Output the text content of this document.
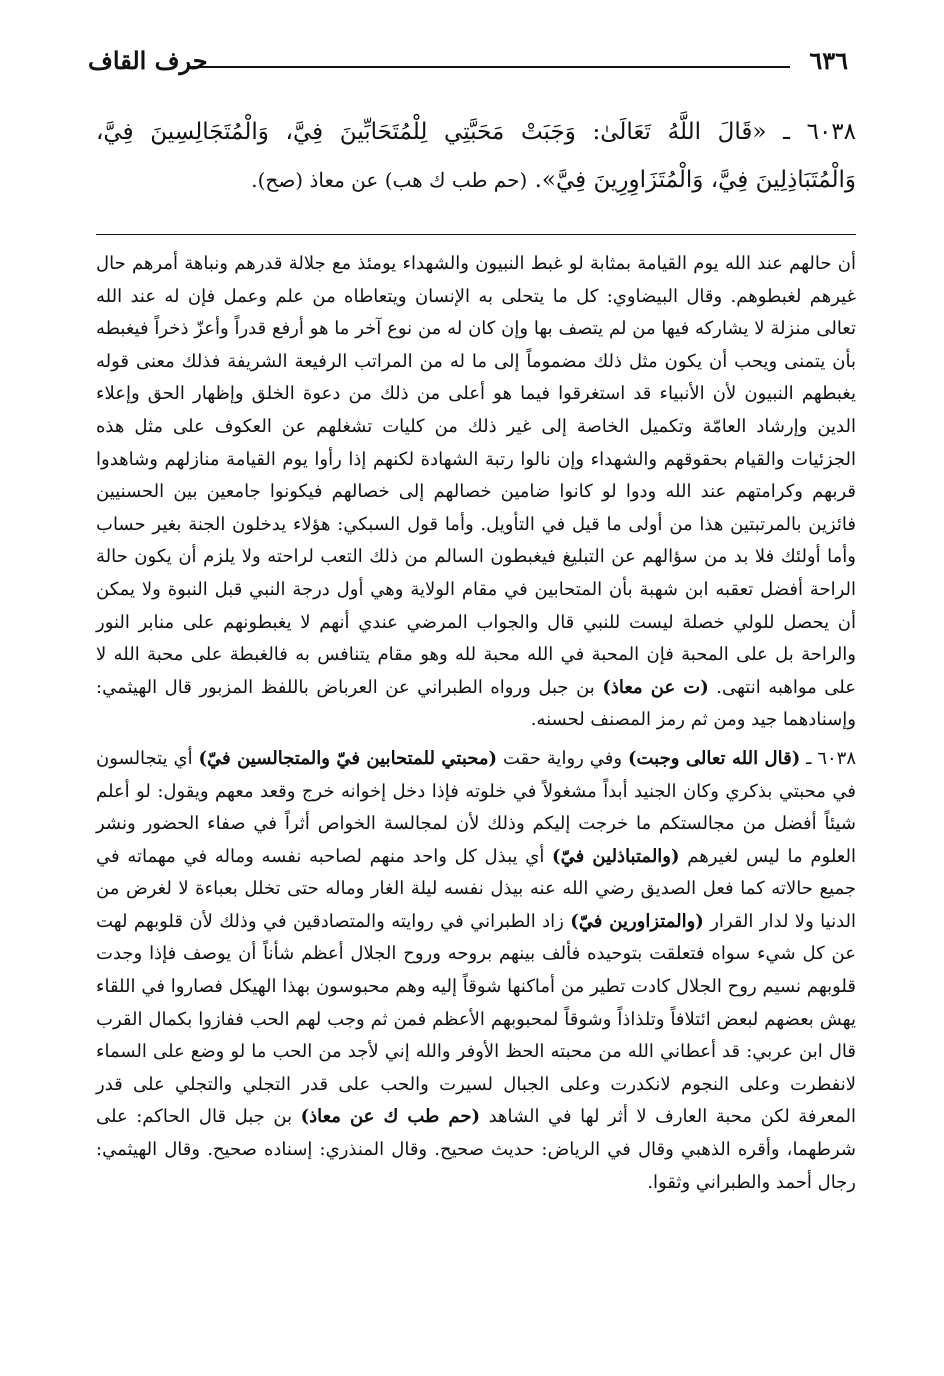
٦٣٦
حرف القاف
٦٠٣٨ ـ «قَالَ اللَّهُ تَعَالَىٰ: وَجَبَتْ مَحَبَّتِي لِلْمُتَحَابِّينَ فِيَّ، وَالْمُتَجَالِسِينَ فِيَّ، وَالْمُتَبَاذِلِينَ فِيَّ، وَالْمُتَزَاوِرِينَ فِيَّ». (حم طب ك هب) عن معاذ (صح).

أن حالهم عند الله يوم القيامة بمثابة لو غبط النبيون والشهداء يومئذ مع جلالة قدرهم ونباهة أمرهم حال غيرهم لغبطوهم. وقال البيضاوي: كل ما يتحلى به الإنسان ويتعاطاه من علم وعمل فإن له عند الله تعالى منزلة لا يشاركه فيها من لم يتصف بها وإن كان له من نوع آخر ما هو أرفع قدراً وأعزّ ذخراً فيغبطه بأن يتمنى ويحب أن يكون مثل ذلك مضموماً إلى ما له من المراتب الرفيعة الشريفة فذلك معنى قوله يغبطهم النبيون لأن الأنبياء قد استغرقوا فيما هو أعلى من ذلك من دعوة الخلق وإظهار الحق وإعلاء الدين وإرشاد العامّة وتكميل الخاصة إلى غير ذلك من كليات تشغلهم عن العكوف على مثل هذه الجزئيات والقيام بحقوقهم والشهداء وإن نالوا رتبة الشهادة لكنهم إذا رأوا يوم القيامة منازلهم وشاهدوا قربهم وكرامتهم عند الله ودوا لو كانوا ضامين خصالهم إلى خصالهم فيكونوا جامعين بين الحسنيين فائزين بالمرتبتين هذا من أولى ما قيل في التأويل. وأما قول السبكي: هؤلاء يدخلون الجنة بغير حساب وأما أولئك فلا بد من سؤالهم عن التبليغ فيغبطون السالم من ذلك التعب لراحته ولا يلزم أن يكون حالة الراحة أفضل تعقبه ابن شهبة بأن المتحابين في مقام الولاية وهي أول درجة النبي قبل النبوة ولا يمكن أن يحصل للولي خصلة ليست للنبي قال والجواب المرضي عندي أنهم لا يغبطونهم على منابر النور والراحة بل على المحبة فإن المحبة في الله محبة لله وهو مقام يتنافس به فالغبطة على محبة الله لا على مواهبه انتهى. (ت عن معاذ) بن جبل ورواه الطبراني عن العرباض باللفظ المزبور قال الهيثمي: وإسنادهما جيد ومن ثم رمز المصنف لحسنه.

٦٠٣٨ ـ (قال الله تعالى وجبت) وفي رواية حقت (محبتي للمتحابين فيّ والمتجالسين فيّ) أي يتجالسون في محبتي بذكري وكان الجنيد أبداً مشغولاً في خلوته فإذا دخل إخوانه خرج وقعد معهم ويقول: لو أعلم شيئاً أفضل من مجالستكم ما خرجت إليكم وذلك لأن لمجالسة الخواص أثراً في صفاء الحضور ونشر العلوم ما ليس لغيرهم (والمتباذلين فيّ) أي يبذل كل واحد منهم لصاحبه نفسه وماله في مهماته في جميع حالاته كما فعل الصديق رضي الله عنه بيذل نفسه ليلة الغار وماله حتى تخلل بعباءة لا لغرض من الدنيا ولا لدار القرار (والمتزاورين فيّ) زاد الطبراني في روايته والمتصادقين في وذلك لأن قلوبهم لهت عن كل شيء سواه فتعلقت بتوحيده فألف بينهم بروحه وروح الجلال أعظم شأناً أن يوصف فإذا وجدت قلوبهم نسيم روح الجلال كادت تطير من أماكنها شوقاً إليه وهم محبوسون بهذا الهيكل فصاروا في اللقاء يهش بعضهم لبعض ائتلافاً وتلذاذاً وشوقاً لمحبوبهم الأعظم فمن ثم وجب لهم الحب ففازوا بكمال القرب قال ابن عربي: قد أعطاني الله من محبته الحظ الأوفر والله إني لأجد من الحب ما لو وضع على السماء لانفطرت وعلى النجوم لانكدرت وعلى الجبال لسيرت والحب على قدر التجلي والتجلي على قدر المعرفة لكن محبة العارف لا أثر لها في الشاهد (حم طب ك عن معاذ) بن جبل قال الحاكم: على شرطهما، وأقره الذهبي وقال في الرياض: حديث صحيح. وقال المنذري: إسناده صحيح. وقال الهيثمي: رجال أحمد والطبراني وثقوا.
